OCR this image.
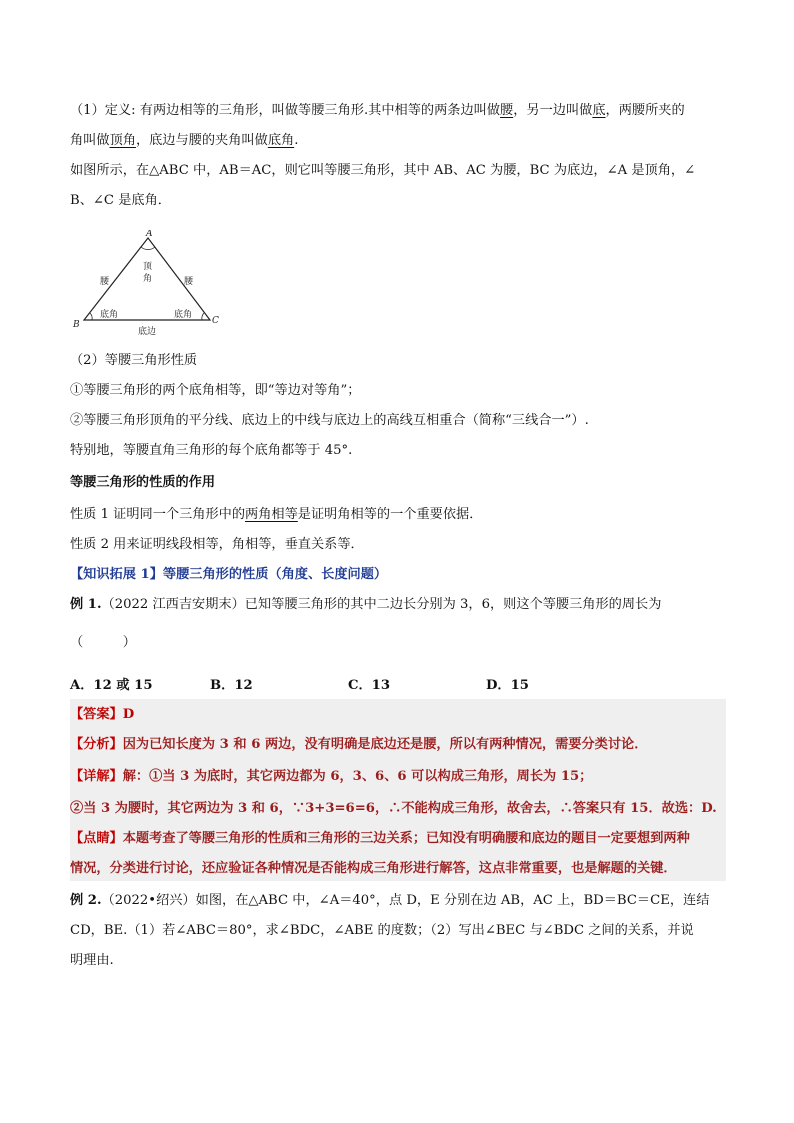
（1）定义: 有两边相等的三角形，叫做等腰三角形.其中相等的两条边叫做腰，另一边叫做底，两腰所夹的
角叫做顶角，底边与腰的夹角叫做底角.
如图所示，在△ABC 中，AB＝AC，则它叫等腰三角形，其中 AB、AC 为腰，BC 为底边，∠A 是顶角，∠
B、∠C 是底角．
A
B	C
腰	腰
顶
角
底角	底角
底边
（2）等腰三角形性质
①等腰三角形的两个底角相等，即“等边对等角”；
②等腰三角形顶角的平分线、底边上的中线与底边上的高线互相重合（简称“三线合一”）.
特别地，等腰直角三角形的每个底角都等于 45°.
等腰三角形的性质的作用
性质 1 证明同一个三角形中的两角相等是证明角相等的一个重要依据．
性质 2 用来证明线段相等，角相等，垂直关系等．
【知识拓展 1】等腰三角形的性质（角度、长度问题）
例 1.（2022 江西吉安期末）已知等腰三角形的其中二边长分别为 3，6，则这个等腰三角形的周长为
（　　　）
A．12 或 15	B．12	C．13	D．15
【答案】D
【分析】因为已知长度为 3 和 6 两边，没有明确是底边还是腰，所以有两种情况，需要分类讨论．
【详解】解：①当 3 为底时，其它两边都为 6，3、6、6 可以构成三角形，周长为 15；
②当 3 为腰时，其它两边为 3 和 6，∵3+3=6=6，∴不能构成三角形，故舍去，∴答案只有 15．故选：D.
【点睛】本题考查了等腰三角形的性质和三角形的三边关系；已知没有明确腰和底边的题目一定要想到两种
情况，分类进行讨论，还应验证各种情况是否能构成三角形进行解答，这点非常重要，也是解题的关键．
例 2.（2022•绍兴）如图，在△ABC 中，∠A＝40°，点 D，E 分别在边 AB，AC 上，BD＝BC＝CE，连结
CD，BE.（1）若∠ABC＝80°，求∠BDC，∠ABE 的度数；（2）写出∠BEC 与∠BDC 之间的关系，并说
明理由.
